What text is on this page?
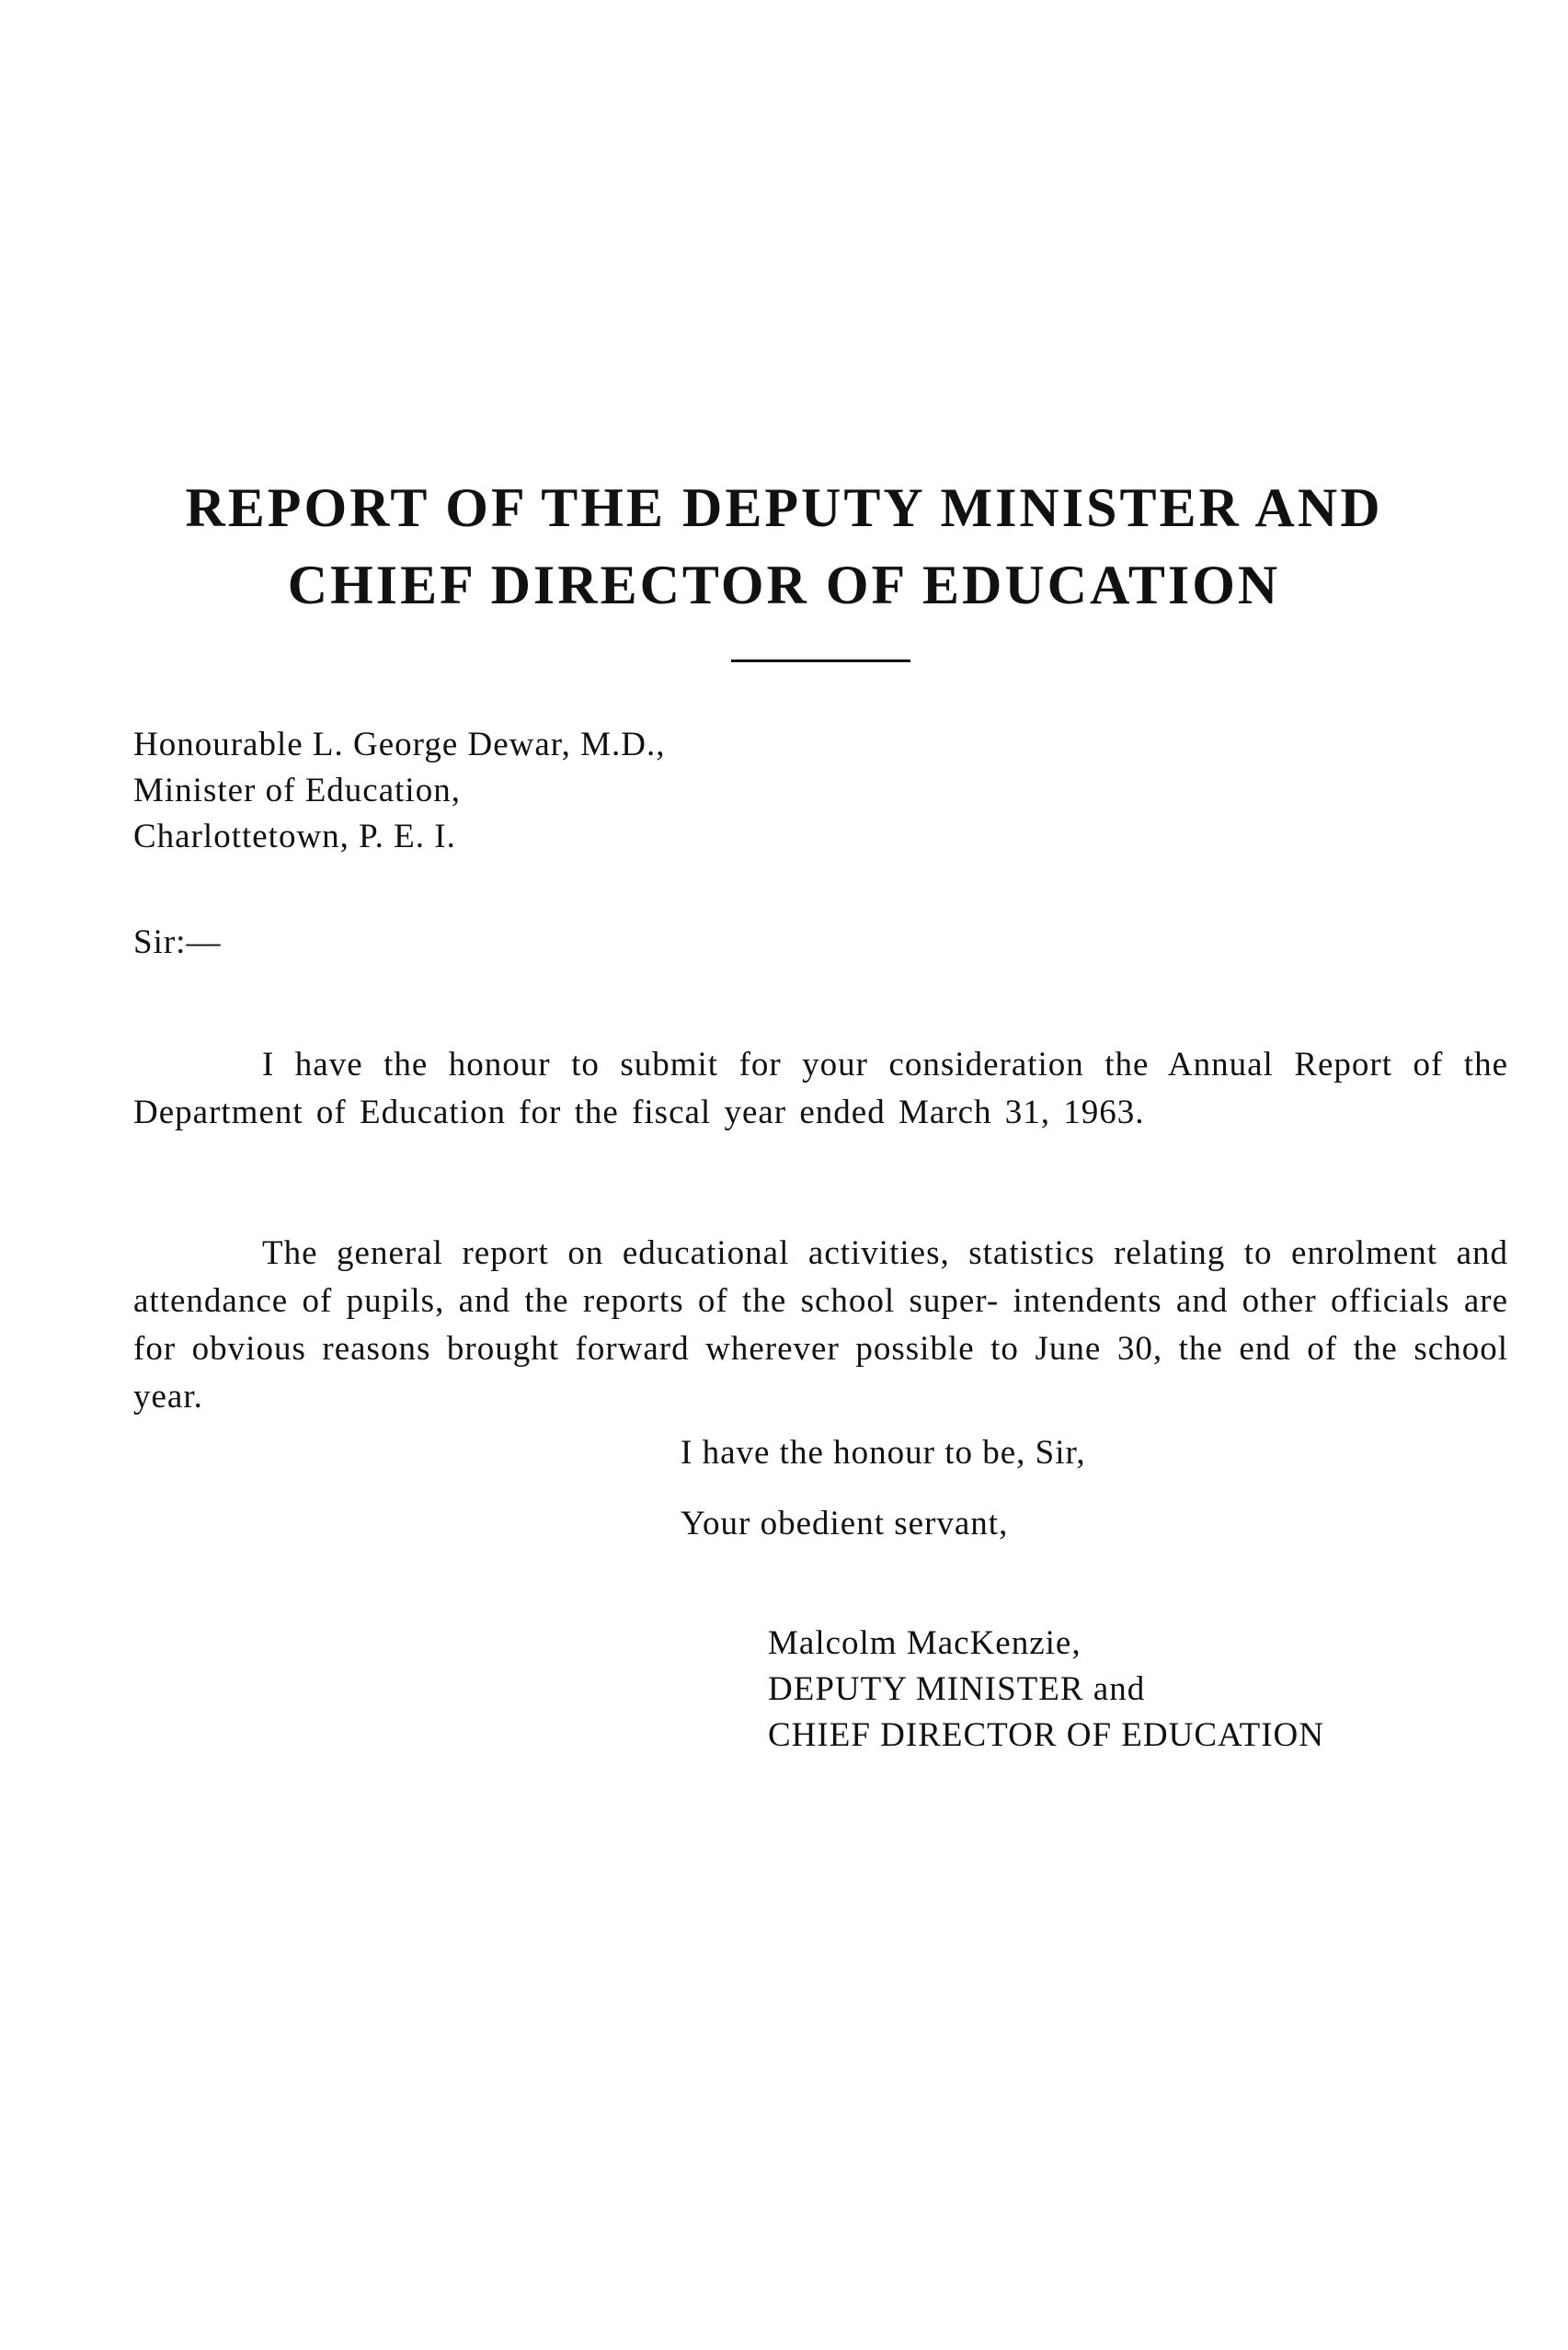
REPORT OF THE DEPUTY MINISTER AND
CHIEF DIRECTOR OF EDUCATION
Honourable L. George Dewar, M.D.,
Minister of Education,
Charlottetown, P. E. I.
Sir:—

I have the honour to submit for your consideration the Annual Report of the Department of Education for the fiscal year ended March 31, 1963.

The general report on educational activities, statistics relating to enrolment and attendance of pupils, and the reports of the school super- intendents and other officials are for obvious reasons brought forward wherever possible to June 30, the end of the school year.

I have the honour to be, Sir,
Your obedient servant,
Malcolm MacKenzie,
DEPUTY MINISTER and
CHIEF DIRECTOR OF EDUCATION
